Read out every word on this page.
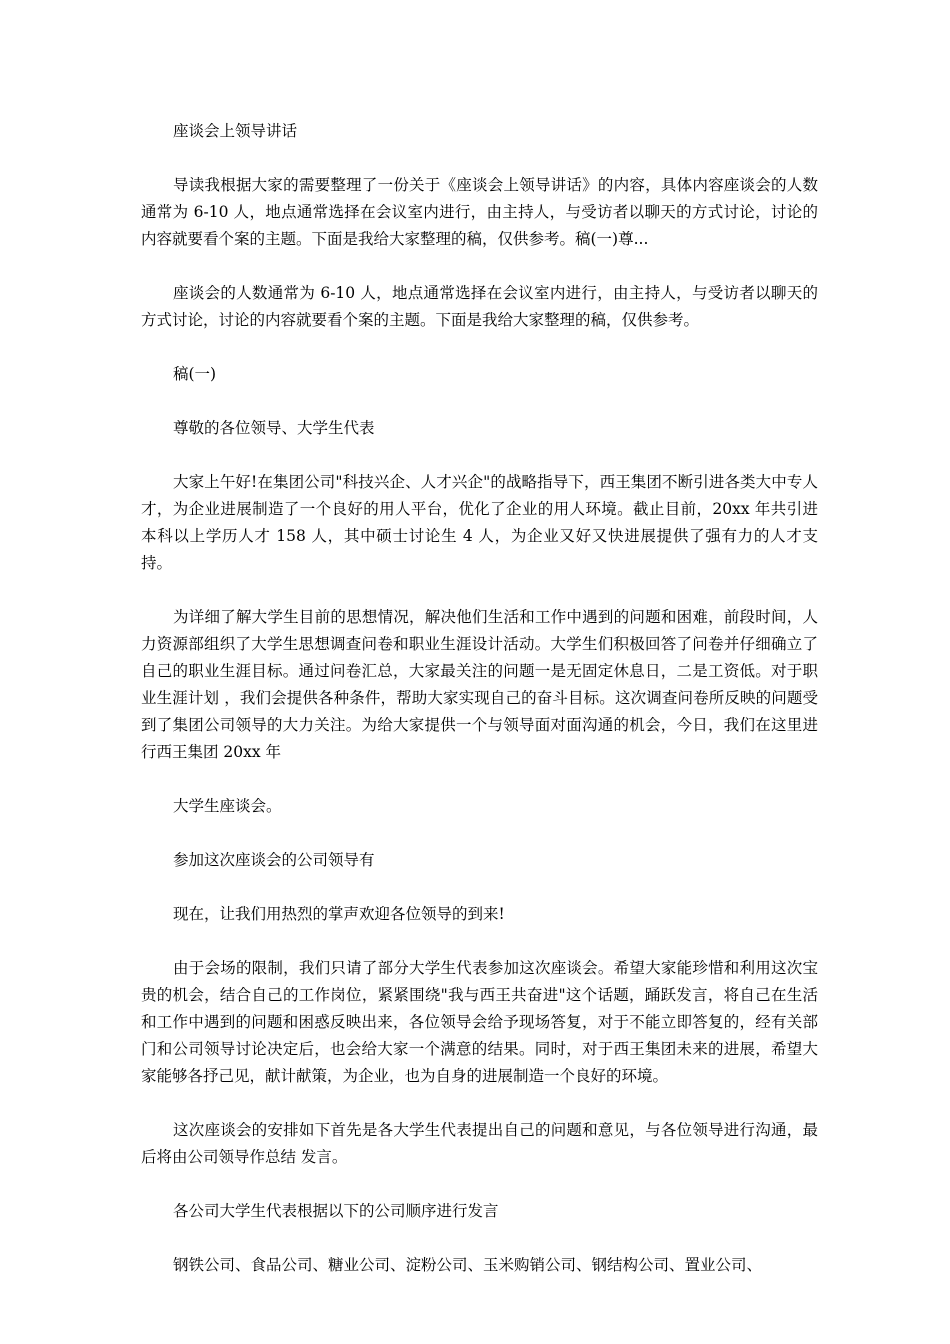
座谈会上领导讲话

导读我根据大家的需要整理了一份关于《座谈会上领导讲话》的内容，具体内容座谈会的人数通常为 6-10 人，地点通常选择在会议室内进行，由主持人，与受访者以聊天的方式讨论，讨论的内容就要看个案的主题。下面是我给大家整理的稿，仅供参考。稿(一)尊...

座谈会的人数通常为 6-10 人，地点通常选择在会议室内进行，由主持人，与受访者以聊天的方式讨论，讨论的内容就要看个案的主题。下面是我给大家整理的稿，仅供参考。

稿(一)

尊敬的各位领导、大学生代表

大家上午好!在集团公司"科技兴企、人才兴企"的战略指导下，西王集团不断引进各类大中专人才，为企业进展制造了一个良好的用人平台，优化了企业的用人环境。截止目前，20xx 年共引进本科以上学历人才 158 人，其中硕士讨论生 4 人，为企业又好又快进展提供了强有力的人才支持。

为详细了解大学生目前的思想情况，解决他们生活和工作中遇到的问题和困难，前段时间，人力资源部组织了大学生思想调查问卷和职业生涯设计活动。大学生们积极回答了问卷并仔细确立了自己的职业生涯目标。通过问卷汇总，大家最关注的问题一是无固定休息日，二是工资低。对于职业生涯计划 ，我们会提供各种条件，帮助大家实现自己的奋斗目标。这次调查问卷所反映的问题受到了集团公司领导的大力关注。为给大家提供一个与领导面对面沟通的机会，今日，我们在这里进行西王集团 20xx 年

大学生座谈会。

参加这次座谈会的公司领导有

现在，让我们用热烈的掌声欢迎各位领导的到来!

由于会场的限制，我们只请了部分大学生代表参加这次座谈会。希望大家能珍惜和利用这次宝贵的机会，结合自己的工作岗位，紧紧围绕"我与西王共奋进"这个话题，踊跃发言，将自己在生活和工作中遇到的问题和困惑反映出来，各位领导会给予现场答复，对于不能立即答复的，经有关部门和公司领导讨论决定后，也会给大家一个满意的结果。同时，对于西王集团未来的进展，希望大家能够各抒己见，献计献策，为企业，也为自身的进展制造一个良好的环境。

这次座谈会的安排如下首先是各大学生代表提出自己的问题和意见，与各位领导进行沟通，最后将由公司领导作总结 发言。

各公司大学生代表根据以下的公司顺序进行发言

钢铁公司、食品公司、糖业公司、淀粉公司、玉米购销公司、钢结构公司、置业公司、
